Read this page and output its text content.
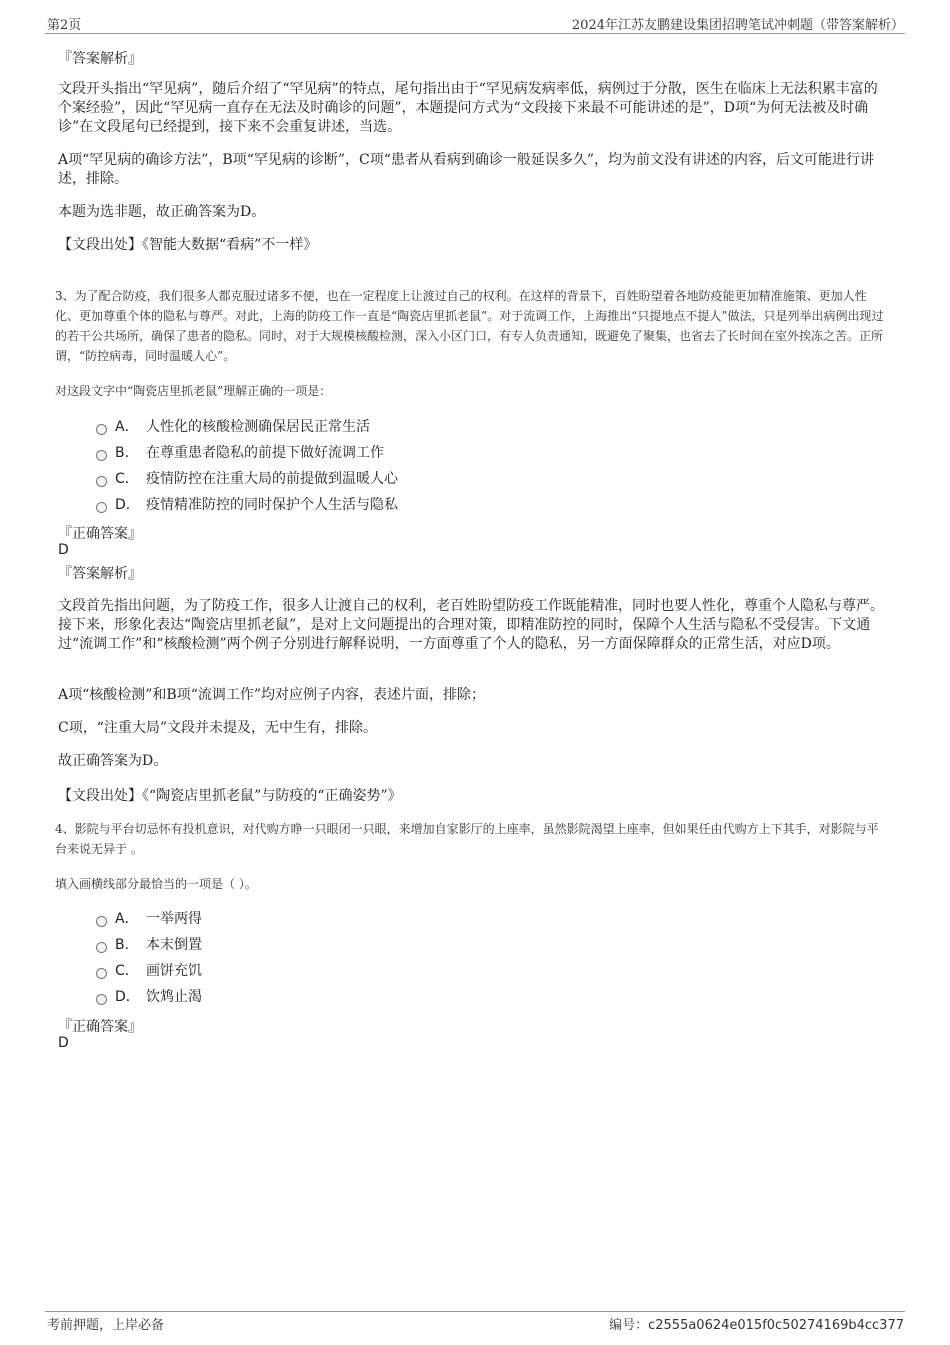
第2页	2024年江苏友鹏建设集团招聘笔试冲刺题（带答案解析）
『答案解析』

文段开头指出“罕见病”，随后介绍了“罕见病”的特点，尾句指出由于“罕见病发病率低，病例过于分散，医生在临床上无法积累丰富的个案经验”，因此“罕见病一直存在无法及时确诊的问题”，本题提问方式为“文段接下来最不可能讲述的是”，D项“为何无法被及时确诊”在文段尾句已经提到，接下来不会重复讲述，当选。

A项“罕见病的确诊方法”，B项“罕见病的诊断”，C项“患者从看病到确诊一般延误多久”，均为前文没有讲述的内容，后文可能进行讲述，排除。

本题为选非题，故正确答案为D。

【文段出处】《智能大数据“看病”不一样》

3、为了配合防疫，我们很多人都克服过诸多不便，也在一定程度上让渡过自己的权利。在这样的背景下，百姓盼望着各地防疫能更加精准施策、更加人性化、更加尊重个体的隐私与尊严。对此，上海的防疫工作一直是“陶瓷店里抓老鼠”。对于流调工作，上海推出“只提地点不提人”做法，只是列举出病例出现过的若干公共场所，确保了患者的隐私。同时，对于大规模核酸检测，深入小区门口，有专人负责通知，既避免了聚集，也省去了长时间在室外挨冻之苦。正所谓，“防控病毒，同时温暖人心”。

对这段文字中“陶瓷店里抓老鼠”理解正确的一项是：

A． 人性化的核酸检测确保居民正常生活
B． 在尊重患者隐私的前提下做好流调工作
C． 疫情防控在注重大局的前提做到温暖人心
D． 疫情精准防控的同时保护个人生活与隐私
『正确答案』
D
『答案解析』

文段首先指出问题，为了防疫工作，很多人让渡自己的权利，老百姓盼望防疫工作既能精准，同时也要人性化，尊重个人隐私与尊严。接下来，形象化表达“陶瓷店里抓老鼠”，是对上文问题提出的合理对策，即精准防控的同时，保障个人生活与隐私不受侵害。下文通过“流调工作”和“核酸检测”两个例子分别进行解释说明，一方面尊重了个人的隐私，另一方面保障群众的正常生活，对应D项。

A项“核酸检测”和B项“流调工作”均对应例子内容，表述片面，排除；

C项，“注重大局”文段并未提及，无中生有，排除。

故正确答案为D。

【文段出处】《“陶瓷店里抓老鼠”与防疫的“正确姿势”》

4、影院与平台切忌怀有投机意识，对代购方睁一只眼闭一只眼，来增加自家影厅的上座率，虽然影院渴望上座率，但如果任由代购方上下其手，对影院与平台来说无异于 。

填入画横线部分最恰当的一项是（ ）。

A． 一举两得
B． 本末倒置
C． 画饼充饥
D． 饮鸩止渴
『正确答案』
D
考前押题，上岸必备	编号：c2555a0624e015f0c50274169b4cc377
